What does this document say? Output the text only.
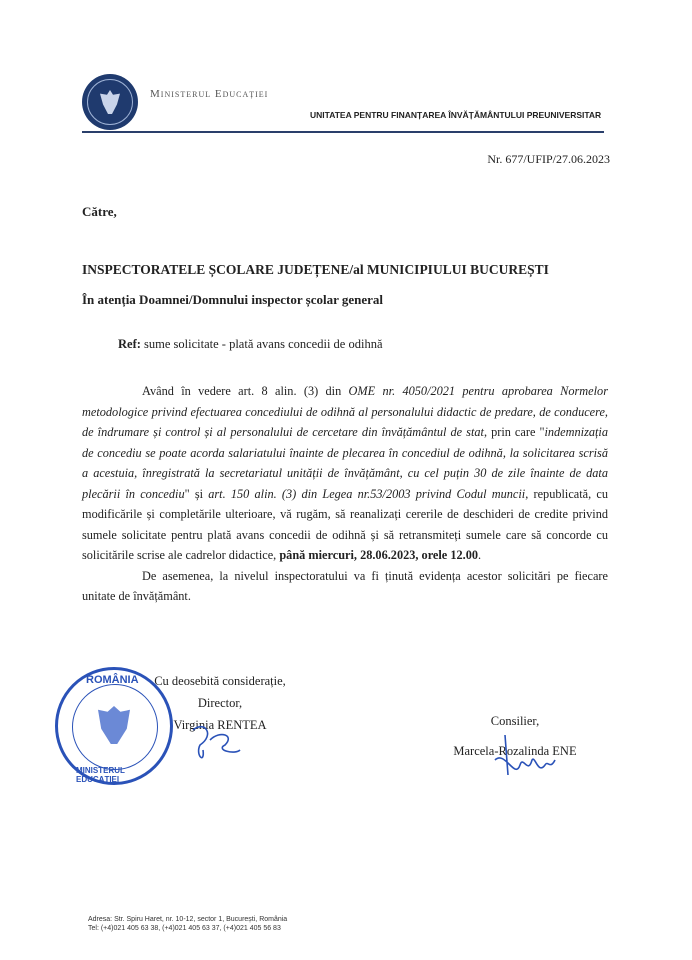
Ministerul Educației
UNITATEA PENTRU FINANȚAREA ÎNVĂȚĂMÂNTULUI PREUNIVERSITAR
Nr. 677/UFIP/27.06.2023
Către,
INSPECTORATELE ȘCOLARE JUDEȚENE/al MUNICIPIULUI BUCUREȘTI
În atenția Doamnei/Domnului inspector școlar general
Ref: sume solicitate - plată avans concedii de odihnă

Având în vedere art. 8 alin. (3) din OME nr. 4050/2021 pentru aprobarea Normelor metodologice privind efectuarea concediului de odihnă al personalului didactic de predare, de conducere, de îndrumare și control și al personalului de cercetare din învățământul de stat, prin care "indemnizația de concediu se poate acorda salariatului înainte de plecarea în concediul de odihnă, la solicitarea scrisă a acestuia, înregistrată la secretariatul unității de învățământ, cu cel puțin 30 de zile înainte de data plecării în concediu" și art. 150 alin. (3) din Legea nr.53/2003 privind Codul muncii, republicată, cu modificările și completările ulterioare, vă rugăm, să reanalizați cererile de deschideri de credite privind sumele solicitate pentru plată avans concedii de odihnă și să retransmiteți sumele care să concorde cu solicitările scrise ale cadrelor didactice, până miercuri, 28.06.2023, orele 12.00.

De asemenea, la nivelul inspectoratului va fi ținută evidența acestor solicitări pe fiecare unitate de învățământ.

ROMÂNIA
MINISTERUL EDUCAȚIEI
Cu deosebită considerație,
Director,
Virginia RENTEA	Consilier,
Marcela-Rozalinda ENE
Adresa: Str. Spiru Haret, nr. 10-12, sector 1, București, România
Tel: (+4)021 405 63 38, (+4)021 405 63 37, (+4)021 405 56 83
